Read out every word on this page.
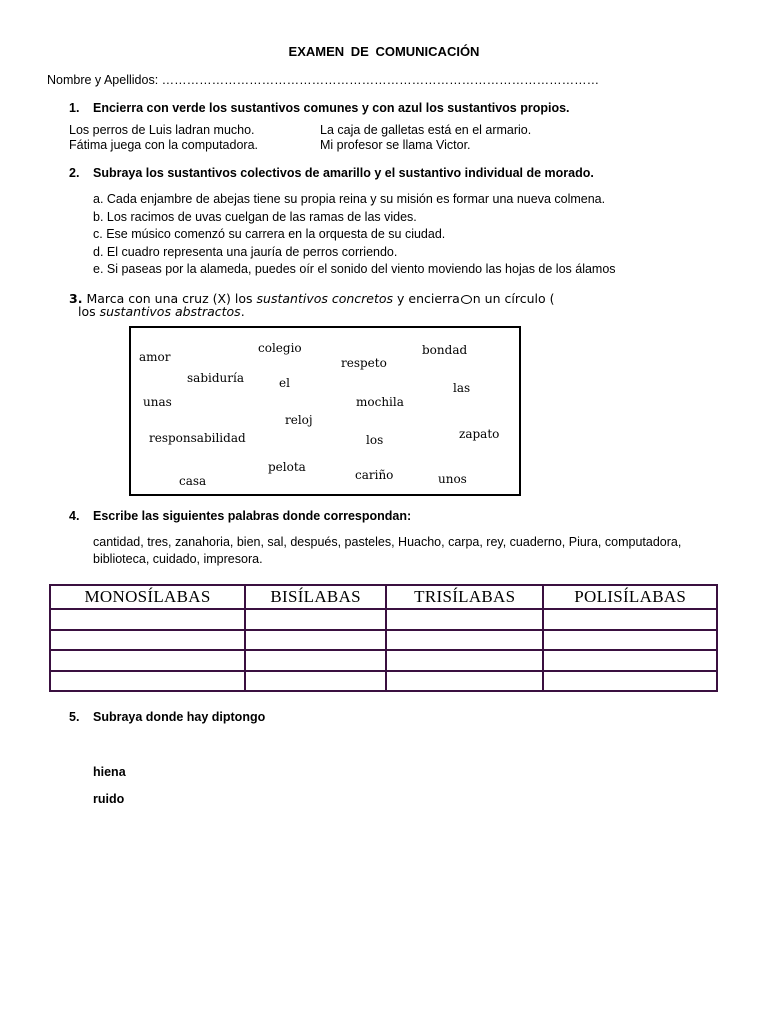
EXAMEN DE COMUNICACIÓN
Nombre y Apellidos: ……………………………………………………………………………………………
1. Encierra con verde los sustantivos comunes y con azul los sustantivos propios.
Los perros de Luis ladran mucho.	La caja de galletas está en el armario.
Fátima juega con la computadora.	Mi profesor se llama Victor.
2. Subraya los sustantivos colectivos de amarillo y el sustantivo individual de morado.
a. Cada enjambre de abejas tiene su propia reina y su misión es formar una nueva colmena.
b. Los racimos de uvas cuelgan de las ramas de las vides.
c. Ese músico comenzó su carrera en la orquesta de su ciudad.
d. El cuadro representa una jauría de perros corriendo.
e. Si paseas por la alameda, puedes oír el sonido del viento moviendo las hojas de los álamos
3. Marca con una cruz (X) los sustantivos concretos y encierra n un círculo (
los sustantivos abstractos.
amor
colegio
respeto
bondad
sabiduría	el	las
unas	mochila
reloj
responsabilidad	los	zapato
pelota
cariño
casa	unos
4. Escribe las siguientes palabras donde correspondan:
cantidad, tres, zanahoria, bien, sal, después, pasteles, Huacho, carpa, rey, cuaderno, Piura, computadora,
biblioteca, cuidado, impresora.
MONOSÍLABAS	BISÍLABAS	TRISÍLABAS	POLISÍLABAS

5. Subraya donde hay diptongo
hiena
ruido
